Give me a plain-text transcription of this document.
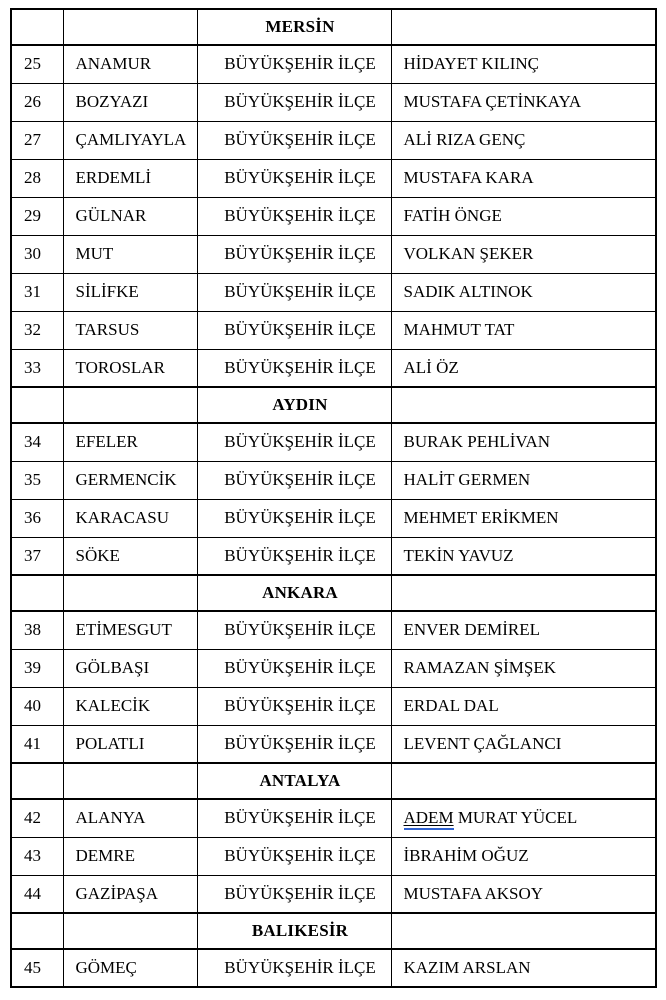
		MERSİN	
25	ANAMUR	BÜYÜKŞEHİR İLÇE	HİDAYET KILINÇ
26	BOZYAZI	BÜYÜKŞEHİR İLÇE	MUSTAFA ÇETİNKAYA
27	ÇAMLIYAYLA	BÜYÜKŞEHİR İLÇE	ALİ RIZA GENÇ
28	ERDEMLİ	BÜYÜKŞEHİR İLÇE	MUSTAFA KARA
29	GÜLNAR	BÜYÜKŞEHİR İLÇE	FATİH ÖNGE
30	MUT	BÜYÜKŞEHİR İLÇE	VOLKAN ŞEKER
31	SİLİFKE	BÜYÜKŞEHİR İLÇE	SADIK ALTINOK
32	TARSUS	BÜYÜKŞEHİR İLÇE	MAHMUT TAT
33	TOROSLAR	BÜYÜKŞEHİR İLÇE	ALİ ÖZ
		AYDIN	
34	EFELER	BÜYÜKŞEHİR İLÇE	BURAK PEHLİVAN
35	GERMENCİK	BÜYÜKŞEHİR İLÇE	HALİT GERMEN
36	KARACASU	BÜYÜKŞEHİR İLÇE	MEHMET ERİKMEN
37	SÖKE	BÜYÜKŞEHİR İLÇE	TEKİN YAVUZ
		ANKARA	
38	ETİMESGUT	BÜYÜKŞEHİR İLÇE	ENVER DEMİREL
39	GÖLBAŞI	BÜYÜKŞEHİR İLÇE	RAMAZAN ŞİMŞEK
40	KALECİK	BÜYÜKŞEHİR İLÇE	ERDAL DAL
41	POLATLI	BÜYÜKŞEHİR İLÇE	LEVENT ÇAĞLANCI
		ANTALYA	
42	ALANYA	BÜYÜKŞEHİR İLÇE	ADEM MURAT YÜCEL
43	DEMRE	BÜYÜKŞEHİR İLÇE	İBRAHİM OĞUZ
44	GAZİPAŞA	BÜYÜKŞEHİR İLÇE	MUSTAFA AKSOY
		BALIKESİR	
45	GÖMEÇ	BÜYÜKŞEHİR İLÇE	KAZIM ARSLAN
